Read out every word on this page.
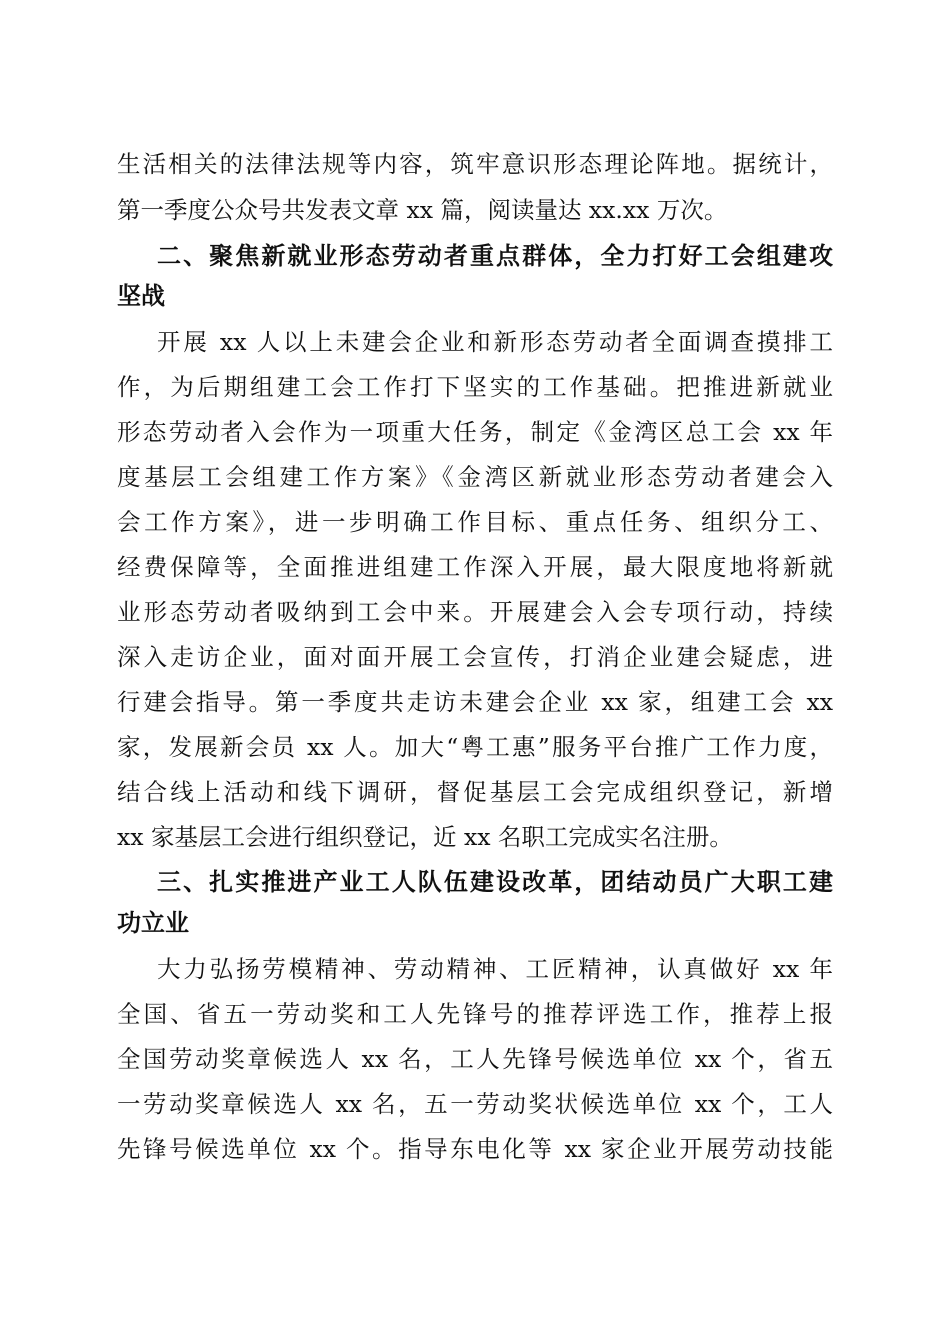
生活相关的法律法规等内容，筑牢意识形态理论阵地。据统计，
第一季度公众号共发表文章 xx 篇，阅读量达 xx.xx 万次。
二、聚焦新就业形态劳动者重点群体，全力打好工会组建攻
坚战
开展 xx 人以上未建会企业和新形态劳动者全面调查摸排工
作，为后期组建工会工作打下坚实的工作基础。把推进新就业
形态劳动者入会作为一项重大任务，制定《金湾区总工会 xx 年
度基层工会组建工作方案》《金湾区新就业形态劳动者建会入
会工作方案》，进一步明确工作目标、重点任务、组织分工、
经费保障等，全面推进组建工作深入开展，最大限度地将新就
业形态劳动者吸纳到工会中来。开展建会入会专项行动，持续
深入走访企业，面对面开展工会宣传，打消企业建会疑虑，进
行建会指导。第一季度共走访未建会企业 xx 家，组建工会 xx
家，发展新会员 xx 人。加大“粤工惠”服务平台推广工作力度，
结合线上活动和线下调研，督促基层工会完成组织登记，新增
xx 家基层工会进行组织登记，近 xx 名职工完成实名注册。
三、扎实推进产业工人队伍建设改革，团结动员广大职工建
功立业
大力弘扬劳模精神、劳动精神、工匠精神，认真做好 xx 年
全国、省五一劳动奖和工人先锋号的推荐评选工作，推荐上报
全国劳动奖章候选人 xx 名，工人先锋号候选单位 xx 个，省五
一劳动奖章候选人 xx 名，五一劳动奖状候选单位 xx 个，工人
先锋号候选单位 xx 个。指导东电化等 xx 家企业开展劳动技能
